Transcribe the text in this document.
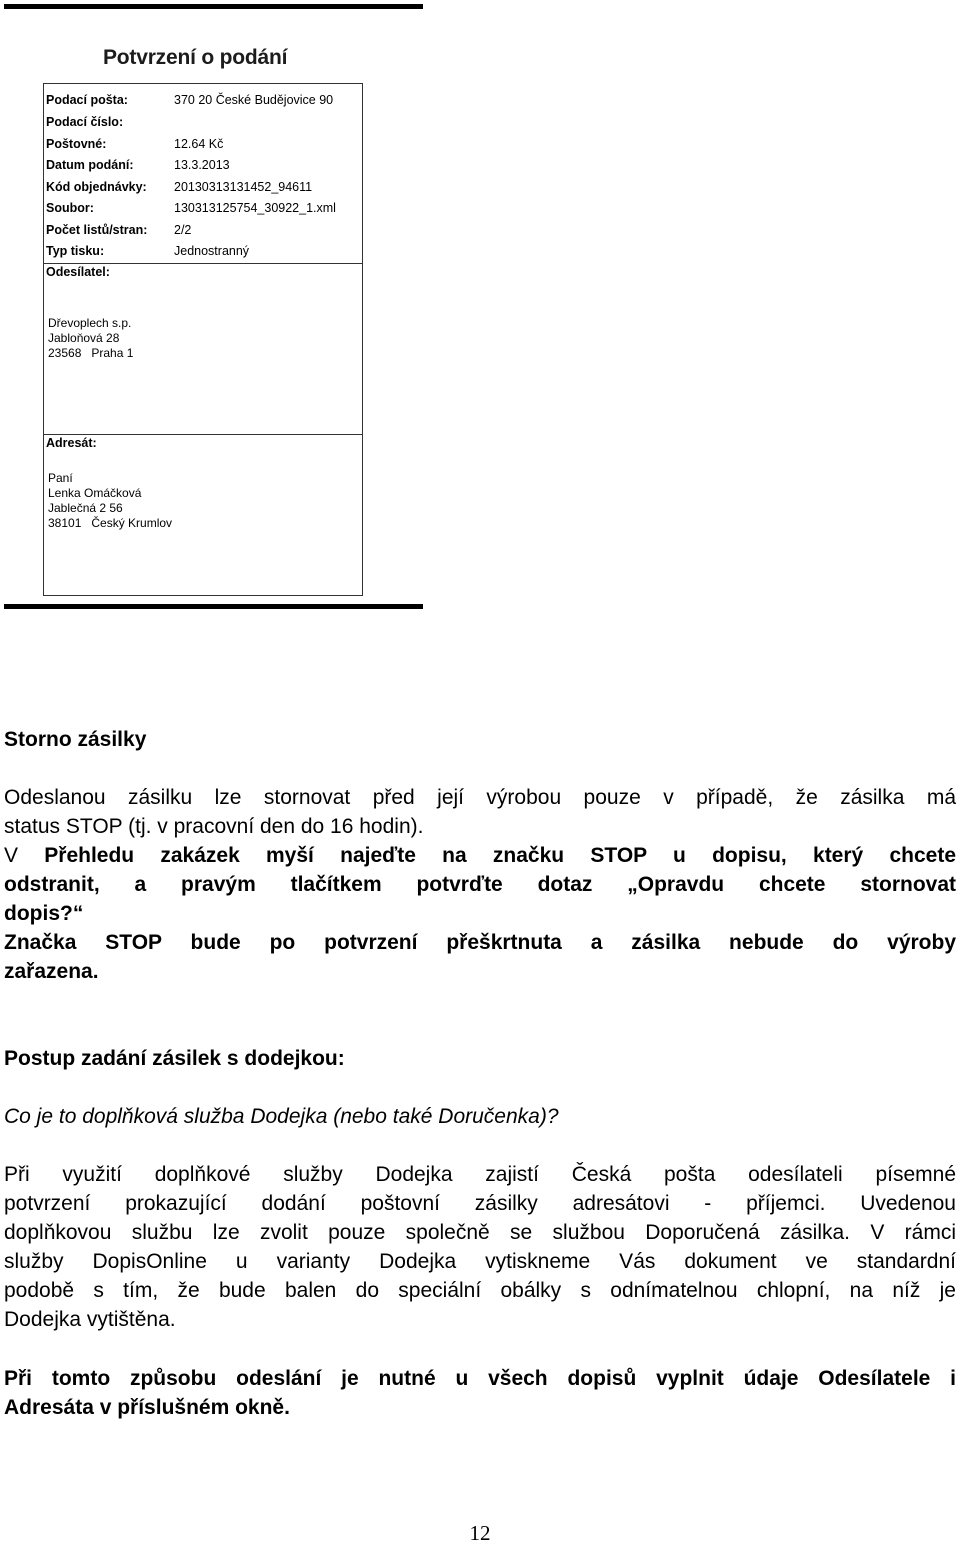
Potvrzení o podání
Podací pošta:	370 20 České Budějovice 90
Podací číslo:
Poštovné:	12.64 Kč
Datum podání:	13.3.2013
Kód objednávky: 20130313131452_94611
Soubor:	13031312575​4_30922_1.xml
Počet listů/stran: 2/2
Typ tisku:	Jednostranný
Odesílatel:
Dřevoplech s.p.
Jabloňová 28
23568   Praha 1
Adresát:
Paní
Lenka Omáčková
Jablečná 2 56
38101   Český Krumlov
Storno zásilky
Odeslanou zásilku lze stornovat před její výrobou pouze v případě, že zásilka má
status STOP (tj. v pracovní den do 16 hodin).
V Přehledu zakázek myší najeďte na značku STOP u dopisu, který chcete
odstranit, a pravým tlačítkem potvrďte dotaz „Opravdu chcete stornovat
dopis?“
Značka STOP bude po potvrzení přeškrtnuta a zásilka nebude do výroby
zařazena.
Postup zadání zásilek s dodejkou:
Co je to doplňková služba Dodejka (nebo také Doručenka)?
Při využití doplňkové služby Dodejka zajistí Česká pošta odesílateli písemné
potvrzení prokazující dodání poštovní zásilky adresátovi - příjemci. Uvedenou
doplňkovou službu lze zvolit pouze společně se službou Doporučená zásilka. V rámci
služby DopisOnline u varianty Dodejka vytiskneme Vás dokument ve standardní
podobě s tím, že bude balen do speciální obálky s odnímatelnou chlopní, na níž je
Dodejka vytištěna.
Při tomto způsobu odeslání je nutné u všech dopisů vyplnit údaje Odesílatele i
Adresáta v příslušném okně.
12
